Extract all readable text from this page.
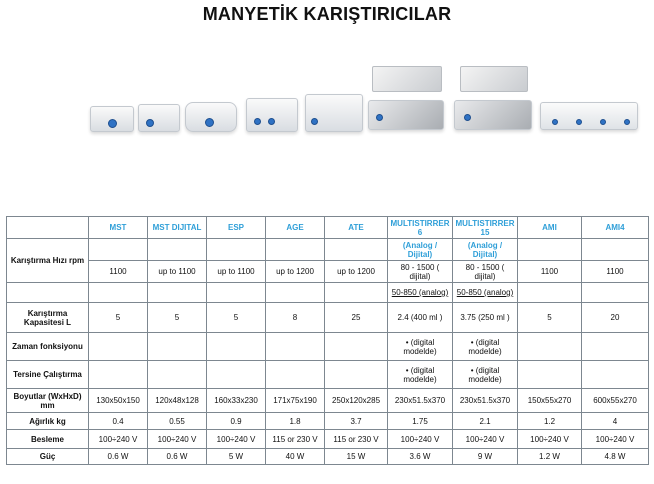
MANYETİK KARIŞTIRICILAR
	MST	MST DIJITAL	ESP	AGE	ATE	MULTISTIRRER 6	MULTISTIRRER 15	AMI	AMI4
Karıştırma Hızı rpm						(Analog / Dijital)	(Analog / Dijital)		

	1100	up to 1100	up to 1100	up to 1200	up to 1200	80 - 1500 ( dijital)	80 - 1500 ( dijital)	1100	1100
						50-850 (analog)	50-850 (analog)		
Karıştırma Kapasitesi L	5	5	5	8	25	2.4 (400 ml )	3.75 (250 ml )	5	20
Zaman fonksiyonu						• (digital modelde)	• (digital modelde)		
Tersine Çalıştırma						• (digital modelde)	• (digital modelde)		
Boyutlar (WxHxD) mm	130x50x150	120x48x128	160x33x230	171x75x190	250x120x285	230x51.5x370	230x51.5x370	150x55x270	600x55x270
Ağırlık kg	0.4	0.55	0.9	1.8	3.7	1.75	2.1	1.2	4
Besleme	100÷240 V	100÷240 V	100÷240 V	115 or 230 V	115 or 230 V	100÷240 V	100÷240 V	100÷240 V	100÷240 V
Güç	0.6 W	0.6 W	5 W	40 W	15 W	3.6 W	9 W	1.2 W	4.8 W
